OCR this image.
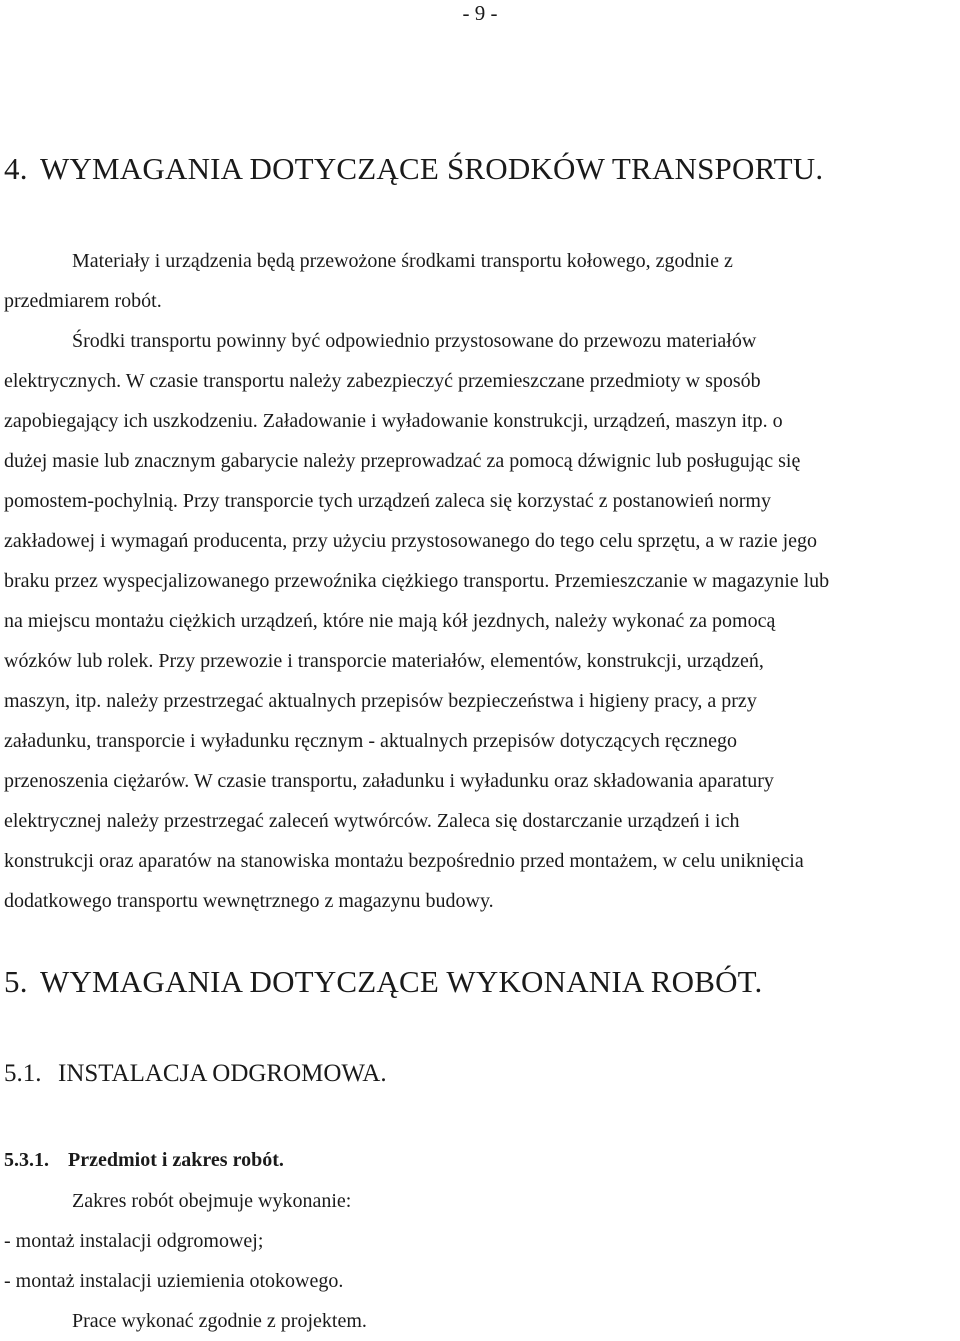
- 9 -
4. WYMAGANIA DOTYCZĄCE ŚRODKÓW TRANSPORTU.

Materiały i urządzenia będą przewożone środkami transportu kołowego, zgodnie z

przedmiarem robót.

Środki transportu powinny być odpowiednio przystosowane do przewozu materiałów

elektrycznych. W czasie transportu należy zabezpieczyć przemieszczane przedmioty w sposób

zapobiegający ich uszkodzeniu. Załadowanie i wyładowanie konstrukcji, urządzeń, maszyn itp. o

dużej masie lub znacznym gabarycie należy przeprowadzać za pomocą dźwignic lub posługując się

pomostem-pochylnią. Przy transporcie tych urządzeń zaleca się korzystać z postanowień normy

zakładowej i wymagań producenta, przy użyciu przystosowanego do tego celu sprzętu, a w razie jego

braku przez wyspecjalizowanego przewoźnika ciężkiego transportu. Przemieszczanie w magazynie lub

na miejscu montażu ciężkich urządzeń, które nie mają kół jezdnych, należy wykonać za pomocą

wózków lub rolek. Przy przewozie i transporcie materiałów, elementów, konstrukcji, urządzeń,

maszyn, itp. należy przestrzegać aktualnych przepisów bezpieczeństwa i higieny pracy, a przy

załadunku, transporcie i wyładunku ręcznym - aktualnych przepisów dotyczących ręcznego

przenoszenia ciężarów. W czasie transportu, załadunku i wyładunku oraz składowania aparatury

elektrycznej należy przestrzegać zaleceń wytwórców. Zaleca się dostarczanie urządzeń i ich

konstrukcji oraz aparatów na stanowiska montażu bezpośrednio przed montażem, w celu uniknięcia

dodatkowego transportu wewnętrznego z magazynu budowy.

5. WYMAGANIA DOTYCZĄCE WYKONANIA ROBÓT.
5.1. INSTALACJA ODGROMOWA.
5.3.1. Przedmiot i zakres robót.

Zakres robót obejmuje wykonanie:

- montaż instalacji odgromowej;

- montaż instalacji uziemienia otokowego.

Prace wykonać zgodnie z projektem.
